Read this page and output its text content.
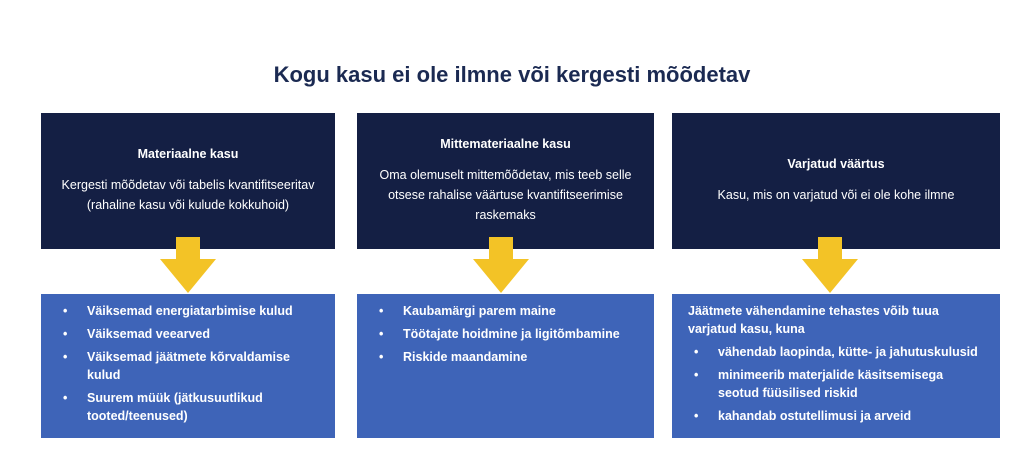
Kogu kasu ei ole ilmne või kergesti mõõdetav
Materiaalne kasu
Kergesti mõõdetav või tabelis kvantifitseeritav (rahaline kasu või kulude kokkuhoid)
• Väiksemad energiatarbimise kulud
• Väiksemad veearved
• Väiksemad jäätmete kõrvaldamise kulud
• Suurem müük (jätkusuutlikud tooted/teenused)
Mittemateriaalne kasu
Oma olemuselt mittemõõdetav, mis teeb selle otsese rahalise väärtuse kvantifitseerimise raskemaks
• Kaubamärgi parem maine
• Töötajate hoidmine ja ligitõmbamine
• Riskide maandamine
Varjatud väärtus
Kasu, mis on varjatud või ei ole kohe ilmne
Jäätmete vähendamine tehastes võib tuua varjatud kasu, kuna
• vähendab laopinda, kütte- ja jahutuskulusid
• minimeerib materjalide käsitsemisega seotud füüsilised riskid
• kahandab ostutellimusi ja arveid
